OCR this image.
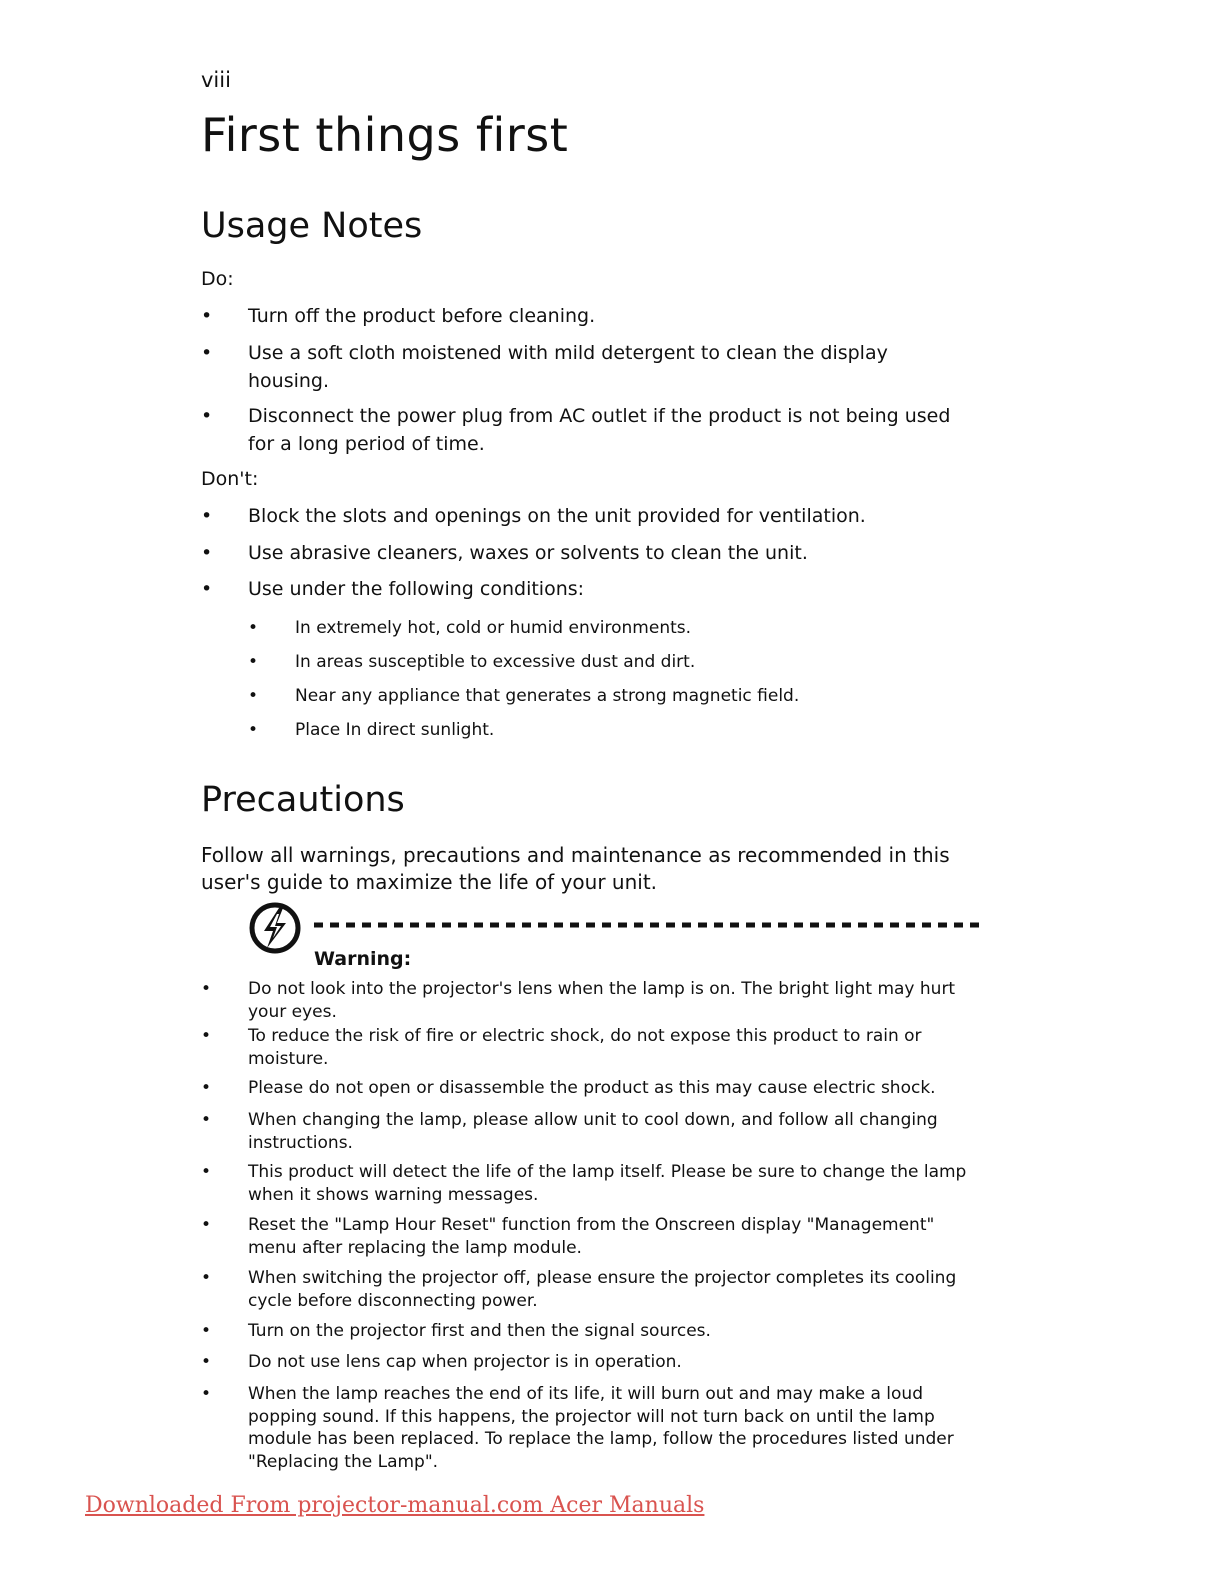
viii
First things first
Usage Notes
Do:
•	Turn off the product before cleaning.
•	Use a soft cloth moistened with mild detergent to clean the display
housing.
•	Disconnect the power plug from AC outlet if the product is not being used
for a long period of time.
Don't:
•	Block the slots and openings on the unit provided for ventilation.
•	Use abrasive cleaners, waxes or solvents to clean the unit.
•	Use under the following conditions:
• In extremely hot, cold or humid environments.
• In areas susceptible to excessive dust and dirt.
• Near any appliance that generates a strong magnetic field.
• Place In direct sunlight.
Precautions
Follow all warnings, precautions and maintenance as recommended in this
user's guide to maximize the life of your unit.
Warning:
• Do not look into the projector's lens when the lamp is on. The bright light may hurt
your eyes.
• To reduce the risk of fire or electric shock, do not expose this product to rain or
moisture.
• Please do not open or disassemble the product as this may cause electric shock.
• When changing the lamp, please allow unit to cool down, and follow all changing
instructions.
• This product will detect the life of the lamp itself. Please be sure to change the lamp
when it shows warning messages.
• Reset the "Lamp Hour Reset" function from the Onscreen display "Management"
menu after replacing the lamp module.
• When switching the projector off, please ensure the projector completes its cooling
cycle before disconnecting power.
• Turn on the projector first and then the signal sources.
• Do not use lens cap when projector is in operation.
• When the lamp reaches the end of its life, it will burn out and may make a loud
popping sound. If this happens, the projector will not turn back on until the lamp
module has been replaced. To replace the lamp, follow the procedures listed under
"Replacing the Lamp".
Downloaded From projector-manual.com Acer Manuals
